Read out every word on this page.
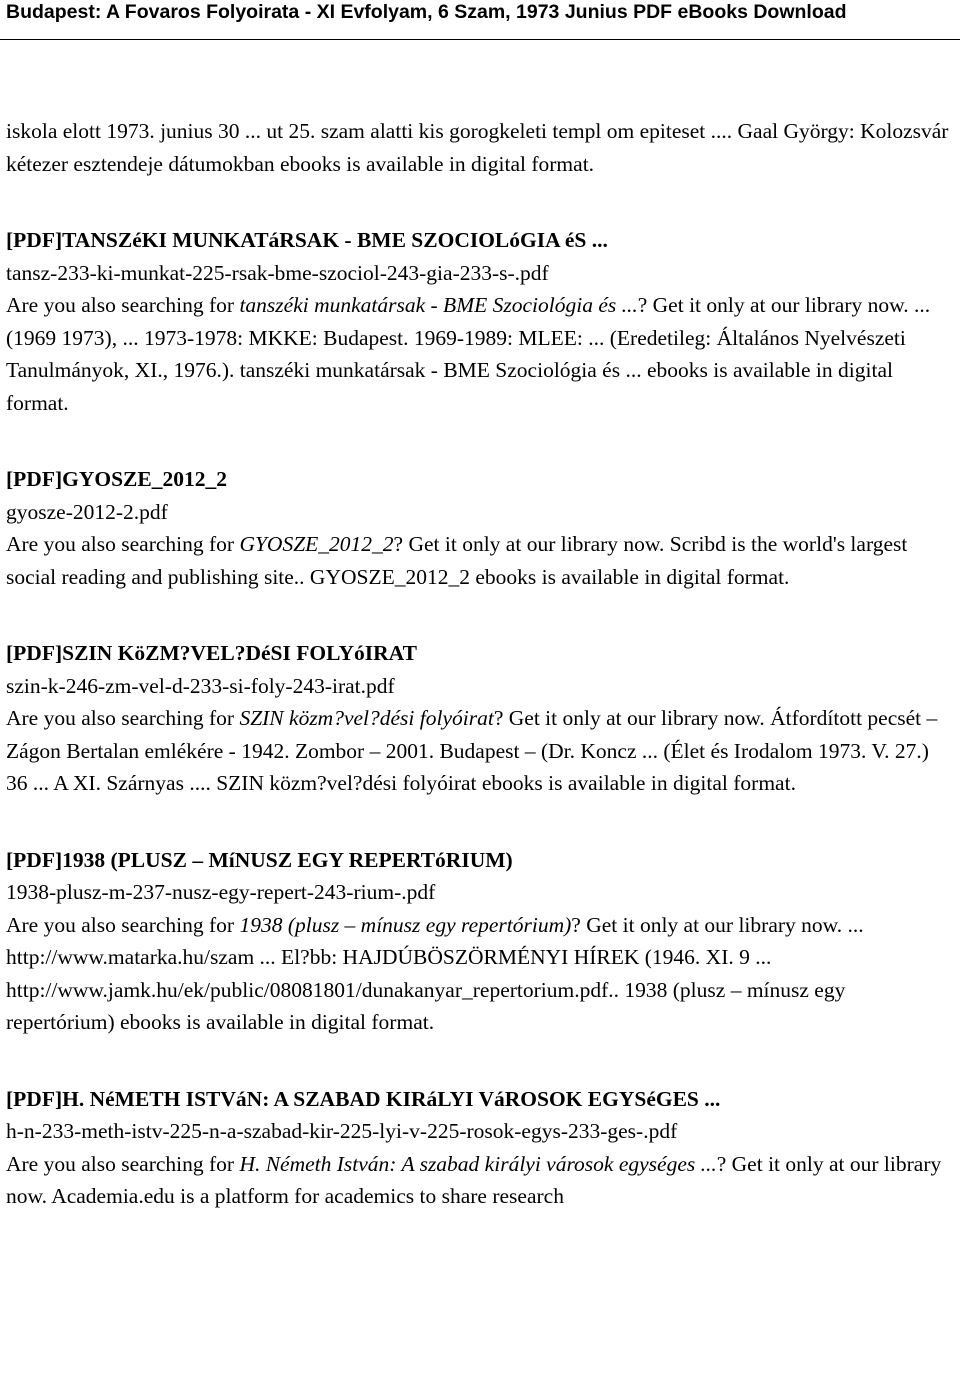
Budapest: A Fovaros Folyoirata - XI Evfolyam, 6 Szam, 1973 Junius PDF eBooks Download
iskola elott 1973. junius 30 ... ut 25. szam alatti kis gorogkeleti templ om epiteset .... Gaal György: Kolozsvár kétezer esztendeje dátumokban ebooks is available in digital format.
[PDF]TANSZéKI MUNKATáRSAK - BME SZOCIOLóGIA éS ...
tansz-233-ki-munkat-225-rsak-bme-szociol-243-gia-233-s-.pdf
Are you also searching for tanszéki munkatársak - BME Szociológia és ...? Get it only at our library now. ... (1969 1973), ... 1973-1978: MKKE: Budapest. 1969-1989: MLEE: ... (Eredetileg: Általános Nyelvészeti Tanulmányok, XI., 1976.). tanszéki munkatársak - BME Szociológia és ... ebooks is available in digital format.
[PDF]GYOSZE_2012_2
gyosze-2012-2.pdf
Are you also searching for GYOSZE_2012_2? Get it only at our library now. Scribd is the world's largest social reading and publishing site.. GYOSZE_2012_2 ebooks is available in digital format.
[PDF]SZIN KöZM?VEL?DéSI FOLYóIRAT
szin-k-246-zm-vel-d-233-si-foly-243-irat.pdf
Are you also searching for SZIN közm?vel?dési folyóirat? Get it only at our library now. Átfordított pecsét – Zágon Bertalan emlékére - 1942. Zombor – 2001. Budapest – (Dr. Koncz ... (Élet és Irodalom 1973. V. 27.) 36 ... A XI. Szárnyas .... SZIN közm?vel?dési folyóirat ebooks is available in digital format.
[PDF]1938 (PLUSZ – MíNUSZ EGY REPERTóRIUM)
1938-plusz-m-237-nusz-egy-repert-243-rium-.pdf
Are you also searching for 1938 (plusz – mínusz egy repertórium)? Get it only at our library now. ... http://www.matarka.hu/szam ... El?bb: HAJDÚBÖSZÖRMÉNYI HÍREK (1946. XI. 9 ... http://www.jamk.hu/ek/public/08081801/dunakanyar_repertorium.pdf.. 1938 (plusz – mínusz egy repertórium) ebooks is available in digital format.
[PDF]H. NéMETH ISTVáN: A SZABAD KIRáLYI VáROSOK EGYSéGES ...
h-n-233-meth-istv-225-n-a-szabad-kir-225-lyi-v-225-rosok-egys-233-ges-.pdf
Are you also searching for H. Németh István: A szabad királyi városok egységes ...? Get it only at our library now. Academia.edu is a platform for academics to share research
